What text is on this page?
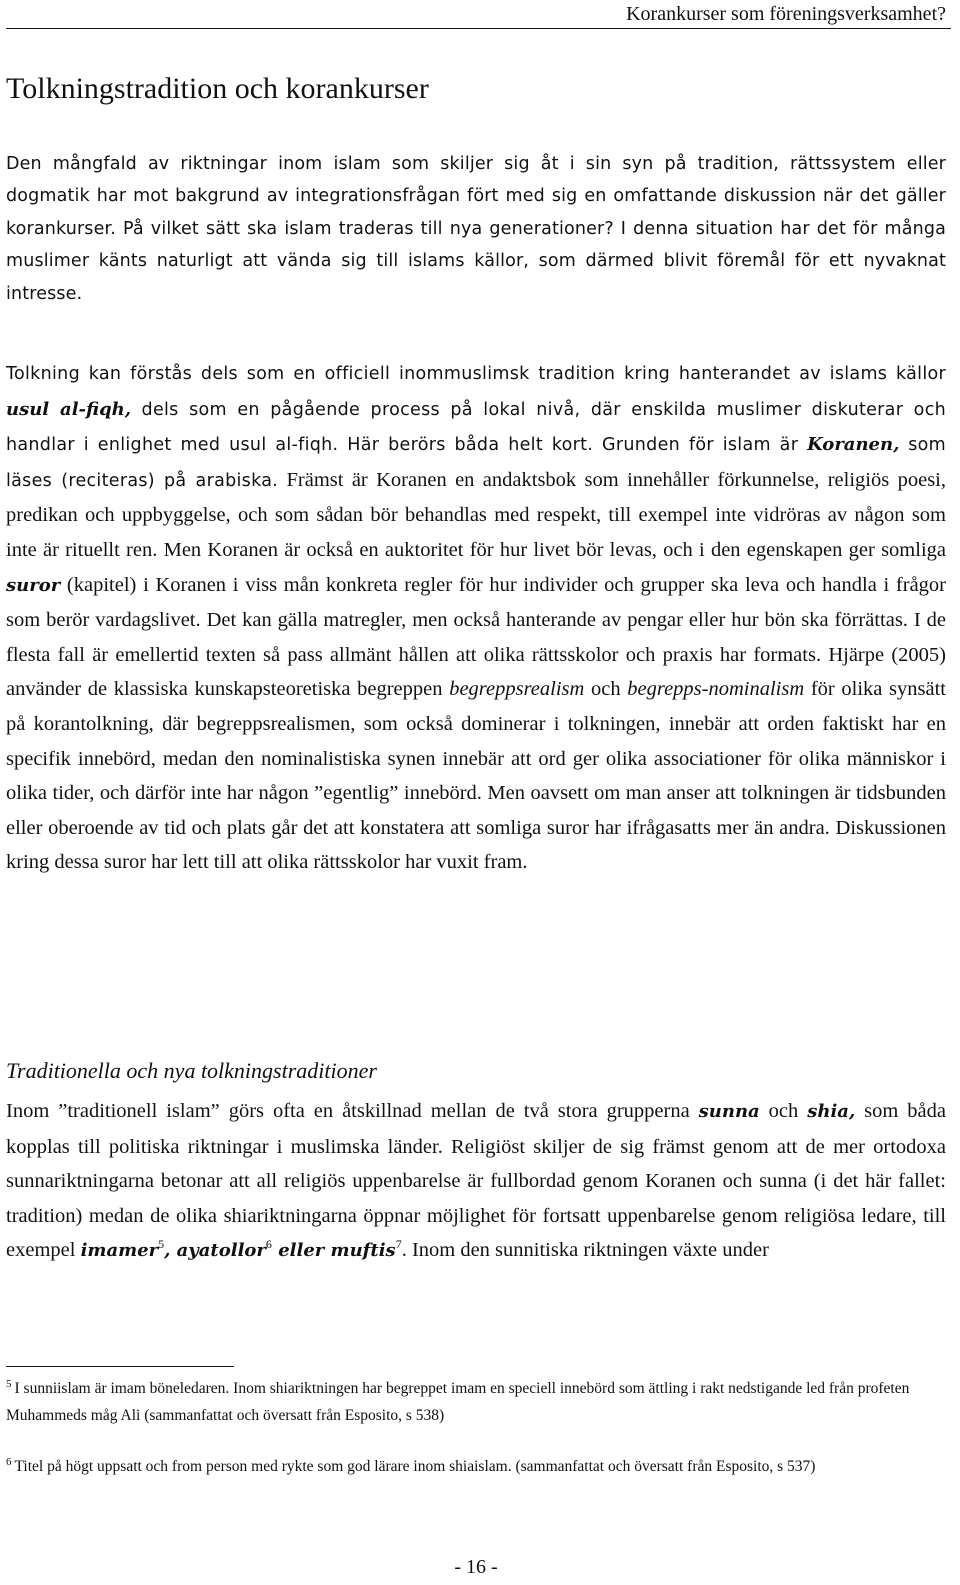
Korankurser som föreningsverksamhet?
Tolkningstradition och korankurser

Den mångfald av riktningar inom islam som skiljer sig åt i sin syn på tradition, rättssystem eller dogmatik har mot bakgrund av integrationsfrågan fört med sig en omfattande diskussion när det gäller korankurser. På vilket sätt ska islam traderas till nya generationer? I denna situation har det för många muslimer känts naturligt att vända sig till islams källor, som därmed blivit föremål för ett nyvaknat intresse.

Tolkning kan förstås dels som en officiell inommuslimsk tradition kring hanterandet av islams källor usul al-fiqh, dels som en pågående process på lokal nivå, där enskilda muslimer diskuterar och handlar i enlighet med usul al-fiqh. Här berörs båda helt kort. Grunden för islam är Koranen, som läses (reciteras) på arabiska. Främst är Koranen en andaktsbok som innehåller förkunnelse, religiös poesi, predikan och uppbyggelse, och som sådan bör behandlas med respekt, till exempel inte vidröras av någon som inte är rituellt ren. Men Koranen är också en auktoritet för hur livet bör levas, och i den egenskapen ger somliga suror (kapitel) i Koranen i viss mån konkreta regler för hur individer och grupper ska leva och handla i frågor som berör vardagslivet. Det kan gälla matregler, men också hanterande av pengar eller hur bön ska förrättas. I de flesta fall är emellertid texten så pass allmänt hållen att olika rättsskolor och praxis har formats. Hjärpe (2005) använder de klassiska kunskapsteoretiska begreppen begreppsrealism och begrepps-nominalism för olika synsätt på korantolkning, där begreppsrealismen, som också dominerar i tolkningen, innebär att orden faktiskt har en specifik innebörd, medan den nominalistiska synen innebär att ord ger olika associationer för olika människor i olika tider, och därför inte har någon ”egentlig” innebörd. Men oavsett om man anser att tolkningen är tidsbunden eller oberoende av tid och plats går det att konstatera att somliga suror har ifrågasatts mer än andra. Diskussionen kring dessa suror har lett till att olika rättsskolor har vuxit fram.

Traditionella och nya tolkningstraditioner

Inom ”traditionell islam” görs ofta en åtskillnad mellan de två stora grupperna sunna och shia, som båda kopplas till politiska riktningar i muslimska länder. Religiöst skiljer de sig främst genom att de mer ortodoxa sunnariktningarna betonar att all religiös uppenbarelse är fullbordad genom Koranen och sunna (i det här fallet: tradition) medan de olika shiariktningarna öppnar möjlighet för fortsatt uppenbarelse genom religiösa ledare, till exempel imamer$^5$, ayatollor$^6$ eller muftis$^7$. Inom den sunnitiska riktningen växte under

$^5$ I sunniislam är imam böneledaren. Inom shiariktningen har begreppet imam en speciell innebörd som ättling i rakt nedstigande led från profeten Muhammeds måg Ali (sammanfattat och översatt från Esposito, s 538)

$^6$ Titel på högt uppsatt och from person med rykte som god lärare inom shiaislam. (sammanfattat och översatt från Esposito, s 537)

- 16 -
